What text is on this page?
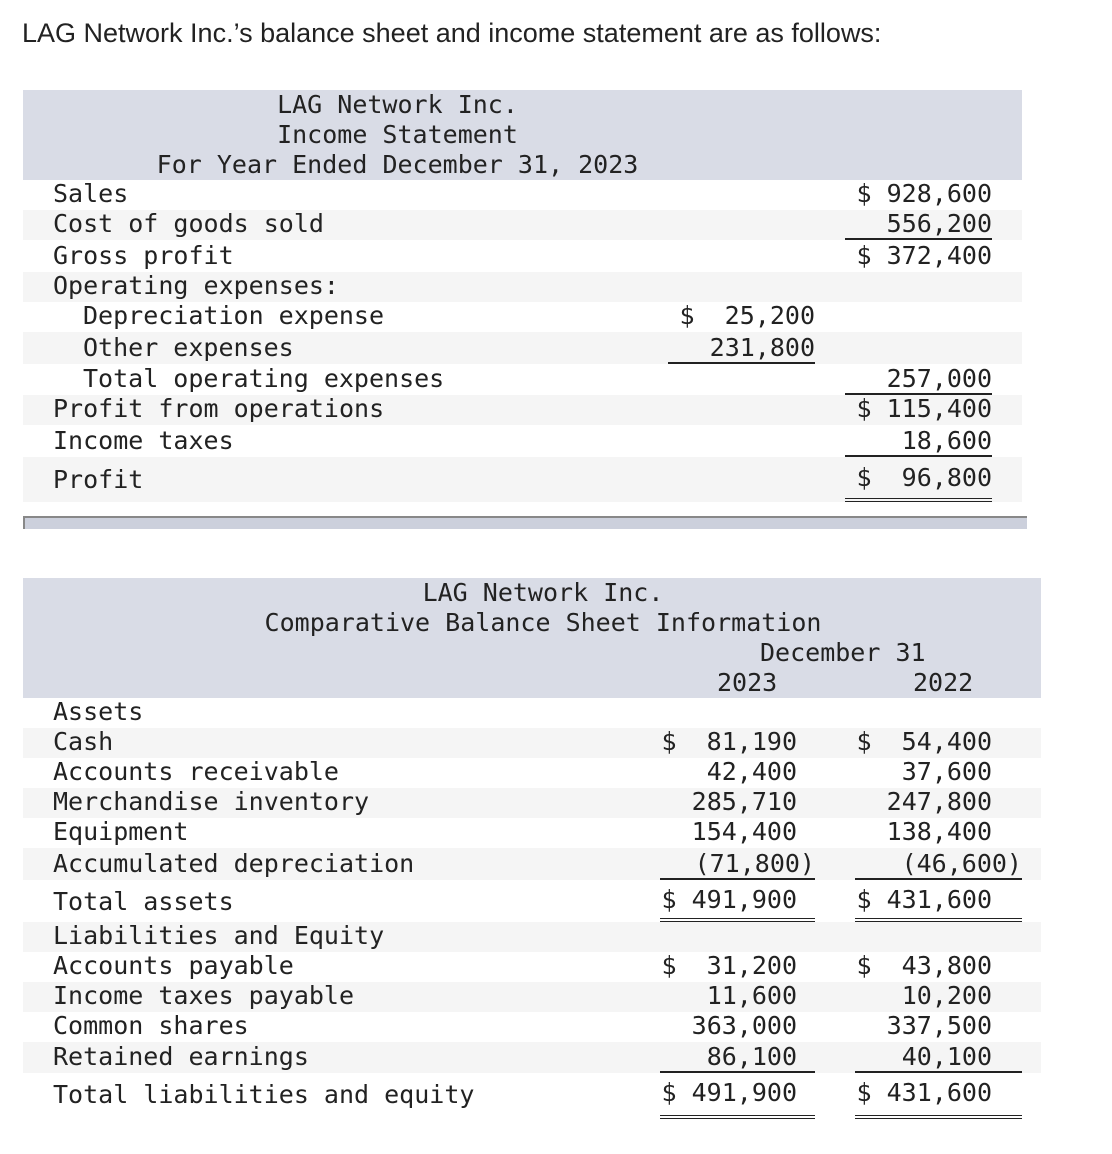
LAG Network Inc.’s balance sheet and income statement are as follows:
LAG Network Inc.
Income Statement
For Year Ended December 31, 2023
Sales	$ 928,600
Cost of goods sold	556,200
Gross profit	$ 372,400
Operating expenses:
Depreciation expense	$  25,200
Other expenses	231,800
Total operating expenses	257,000
Profit from operations	$ 115,400
Income taxes	18,600
Profit	$  96,800
LAG Network Inc.
Comparative Balance Sheet Information
December 31
2023	2022
Assets
Cash	$  81,190	$  54,400
Accounts receivable	42,400	37,600
Merchandise inventory	285,710	247,800
Equipment	154,400	138,400
Accumulated depreciation	(71,800)	(46,600)
Total assets	$ 491,900	$ 431,600
Liabilities and Equity
Accounts payable	$  31,200	$  43,800
Income taxes payable	11,600	10,200
Common shares	363,000	337,500
Retained earnings	86,100	40,100
Total liabilities and equity	$ 491,900	$ 431,600
